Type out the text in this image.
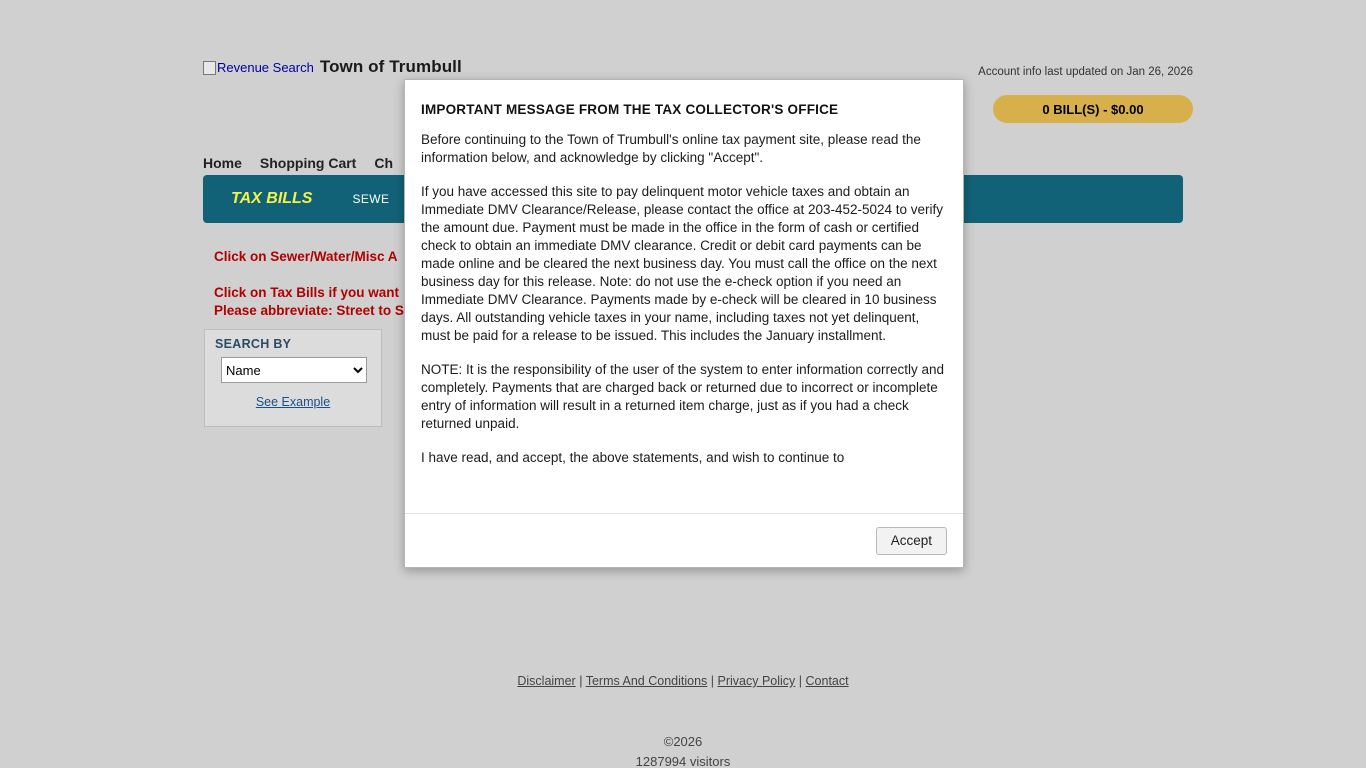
Revenue Search Town of Trumbull	Account info last updated on Jan 26, 2026
0 BILL(S) - $0.00
Home Shopping Cart Ch
TAX BILLS	SEWE
Click on Sewer/Water/Misc A
Click on Tax Bills if you want
Please abbreviate: Street to S
SEARCH BY
Name
See Example
Disclaimer | Terms And Conditions | Privacy Policy | Contact
©2026
1287994 visitors
IMPORTANT MESSAGE FROM THE TAX COLLECTOR'S OFFICE

Before continuing to the Town of Trumbull's online tax payment site, please read the information below, and acknowledge by clicking "Accept".

If you have accessed this site to pay delinquent motor vehicle taxes and obtain an Immediate DMV Clearance/Release, please contact the office at 203-452-5024 to verify the amount due. Payment must be made in the office in the form of cash or certified check to obtain an immediate DMV clearance. Credit or debit card payments can be made online and be cleared the next business day. You must call the office on the next business day for this release. Note: do not use the e-check option if you need an Immediate DMV Clearance. Payments made by e-check will be cleared in 10 business days. All outstanding vehicle taxes in your name, including taxes not yet delinquent, must be paid for a release to be issued. This includes the January installment.

NOTE: It is the responsibility of the user of the system to enter information correctly and completely. Payments that are charged back or returned due to incorrect or incomplete entry of information will result in a returned item charge, just as if you had a check returned unpaid.

I have read, and accept, the above statements, and wish to continue to

Accept
